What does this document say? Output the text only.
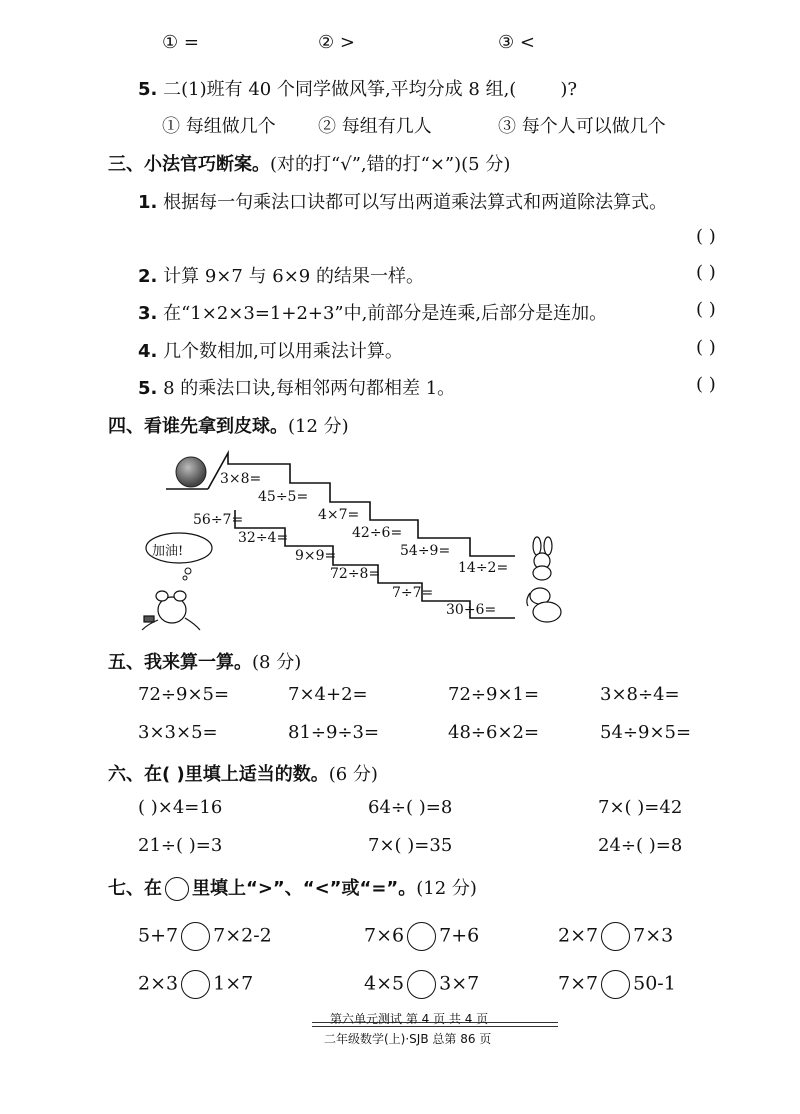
① =	② >	③ <
5. 二(1)班有 40 个同学做风筝,平均分成 8 组,( )?
① 每组做几个 ② 每组有几人	③ 每个人可以做几个
三、小法官巧断案。(对的打“√”,错的打“×”)(5 分)
1. 根据每一句乘法口诀都可以写出两道乘法算式和两道除法算式。
( )
2. 计算 9×7 与 6×9 的结果一样。	( )
3. 在“1×2×3=1+2+3”中,前部分是连乘,后部分是连加。	( )
4. 几个数相加,可以用乘法计算。	( )
5. 8 的乘法口诀,每相邻两句都相差 1。	( )
四、看谁先拿到皮球。(12 分)
3×8=
45÷5=
4×7=
42÷6=
54÷9=
14÷2=
56÷7=
32÷4=
9×9=
72÷8=
7÷7=
30÷6=
加油!
五、我来算一算。(8 分)
72÷9×5=	7×4+2=	72÷9×1=	3×8÷4=
3×3×5=	81÷9÷3=	48÷6×2=	54÷9×5=
六、在( )里填上适当的数。(6 分)
( )×4=16	64÷( )=8	7×( )=42
21÷( )=3	7×( )=35	24÷( )=8
七、在 里填上“>”、“<”或“=”。(12 分)
5+7 7×2-2	7×6 7+6	2×7 7×3
2×3 1×7	4×5 3×7	7×7 50-1
第六单元测试 第 4 页 共 4 页
二年级数学(上)·SJB 总第 86 页
